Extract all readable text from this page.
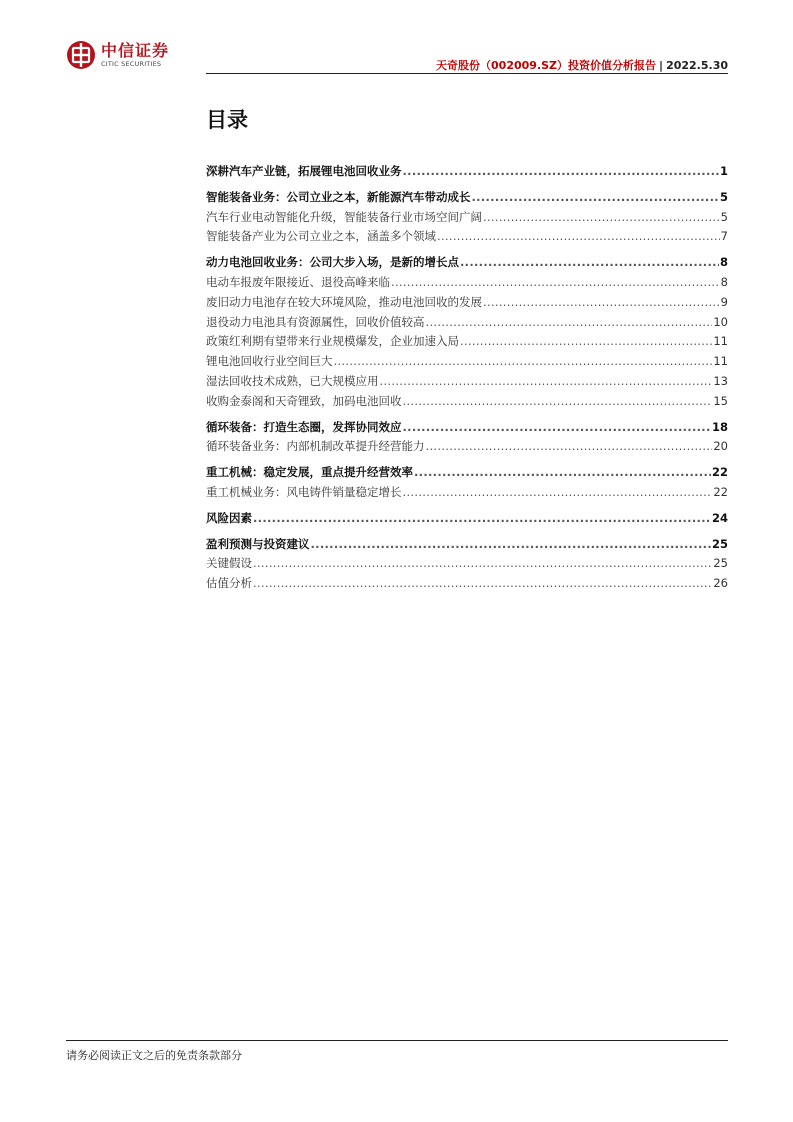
中信证券
CITIC SECURITIES	天奇股份（002009.SZ）投资价值分析报告 | 2022.5.30
目录
深耕汽车产业链，拓展锂电池回收业务 .....	1
智能装备业务：公司立业之本，新能源汽车带动成长 .....	5
汽车行业电动智能化升级，智能装备行业市场空间广阔 .....	5
智能装备产业为公司立业之本，涵盖多个领域 .....	7
动力电池回收业务：公司大步入场，是新的增长点 .....	8
电动车报废年限接近、退役高峰来临 .....	8
废旧动力电池存在较大环境风险，推动电池回收的发展 .....	9
退役动力电池具有资源属性，回收价值较高 .....	10
政策红利期有望带来行业规模爆发，企业加速入局 .....	11
锂电池回收行业空间巨大 .....	11
湿法回收技术成熟，已大规模应用 .....	13
收购金泰阁和天奇锂致，加码电池回收 .....	15
循环装备：打造生态圈，发挥协同效应 .....	18
循环装备业务：内部机制改革提升经营能力 .....	20
重工机械：稳定发展，重点提升经营效率 .....	22
重工机械业务：风电铸件销量稳定增长 .....	22
风险因素 .....	24
盈利预测与投资建议 .....	25
关键假设 .....	25
估值分析 .....	26
请务必阅读正文之后的免责条款部分
